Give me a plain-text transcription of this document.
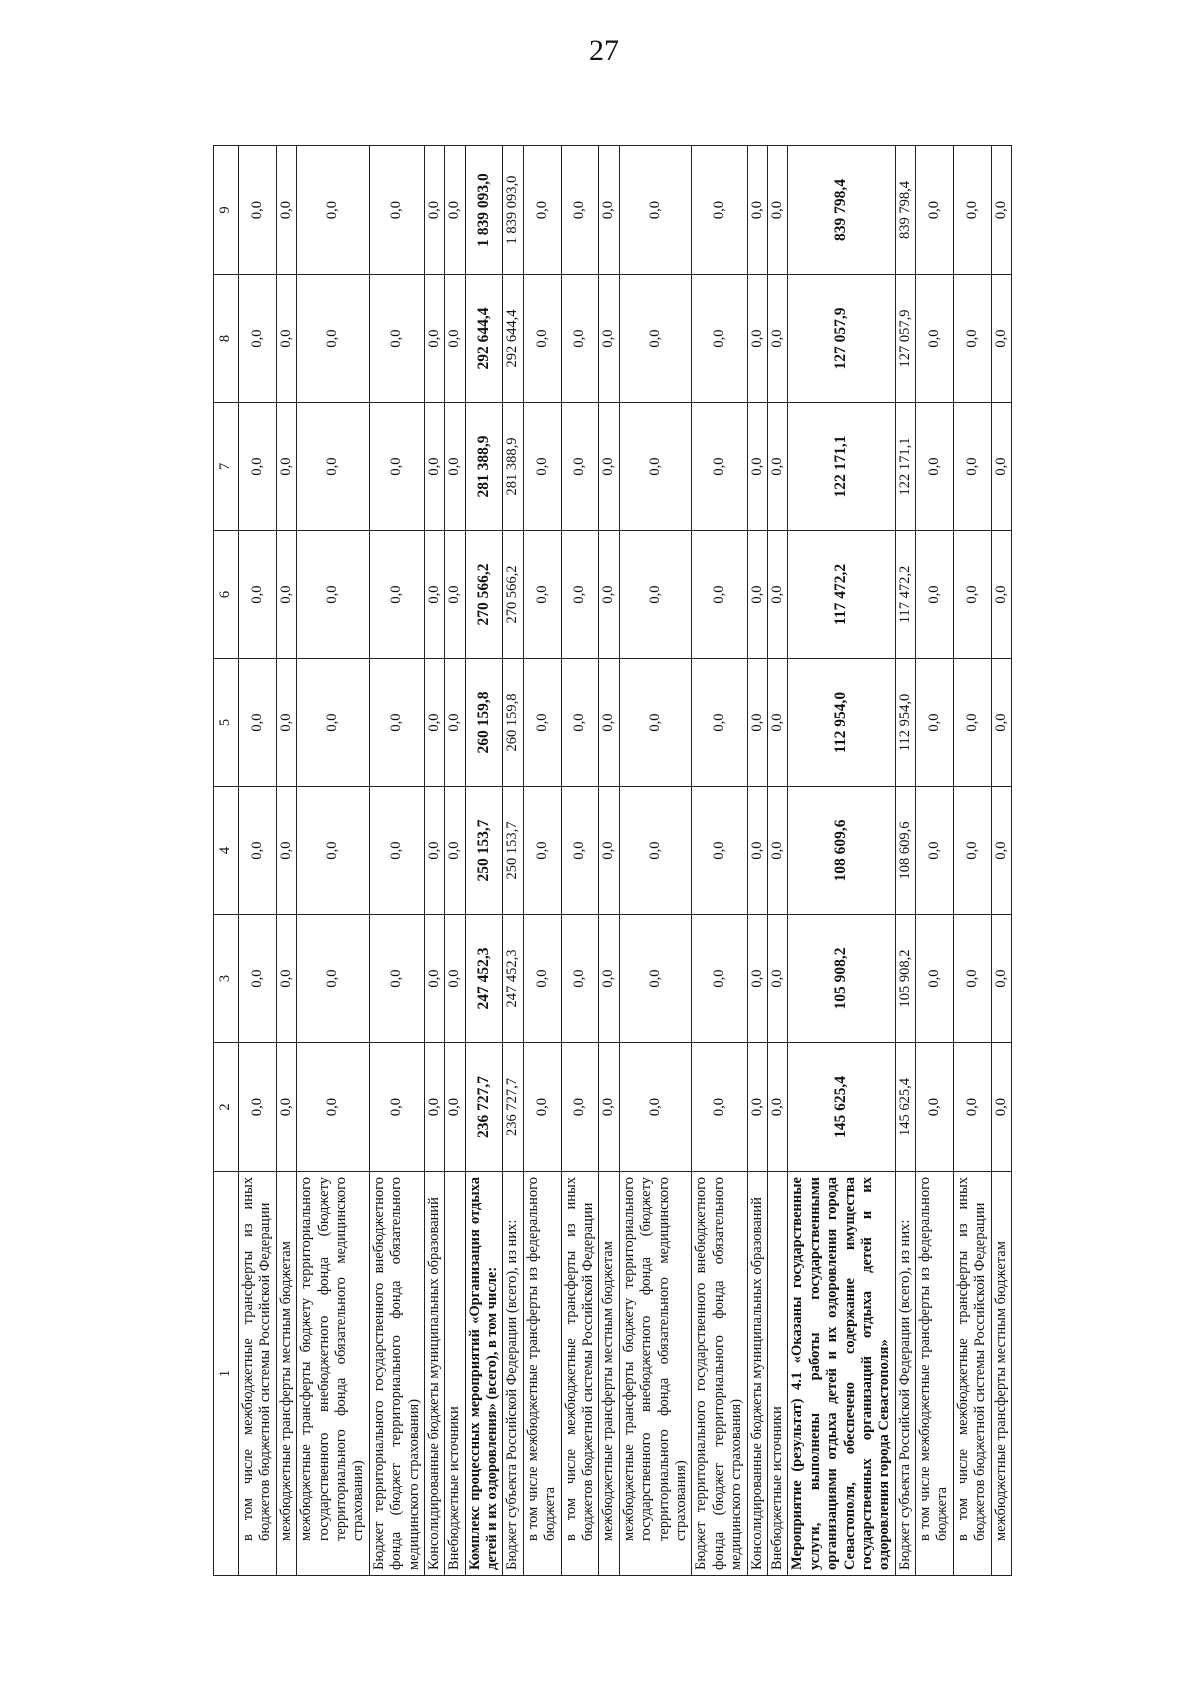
27
1	2	3	4	5	6	7	8	9
в том числе межбюджетные трансферты из иных бюджетов бюджетной системы Российской Федерации	0,0	0,0	0,0	0,0	0,0	0,0	0,0	0,0
межбюджетные трансферты местным бюджетам	0,0	0,0	0,0	0,0	0,0	0,0	0,0	0,0
межбюджетные трансферты бюджету территориального государственного внебюджетного фонда (бюджету территориального фонда обязательного медицинского страхования)	0,0	0,0	0,0	0,0	0,0	0,0	0,0	0,0
Бюджет территориального государственного внебюджетного фонда (бюджет территориального фонда обязательного медицинского страхования)	0,0	0,0	0,0	0,0	0,0	0,0	0,0	0,0
Консолидированные бюджеты муниципальных образований	0,0	0,0	0,0	0,0	0,0	0,0	0,0	0,0
Внебюджетные источники	0,0	0,0	0,0	0,0	0,0	0,0	0,0	0,0
Комплекс процессных мероприятий «Организация отдыха детей и их оздоровления» (всего), в том числе:	236 727,7	247 452,3	250 153,7	260 159,8	270 566,2	281 388,9	292 644,4	1 839 093,0
Бюджет субъекта Российской Федерации (всего), из них:	236 727,7	247 452,3	250 153,7	260 159,8	270 566,2	281 388,9	292 644,4	1 839 093,0
в том числе межбюджетные трансферты из федерального бюджета	0,0	0,0	0,0	0,0	0,0	0,0	0,0	0,0
в том числе межбюджетные трансферты из иных бюджетов бюджетной системы Российской Федерации	0,0	0,0	0,0	0,0	0,0	0,0	0,0	0,0
межбюджетные трансферты местным бюджетам	0,0	0,0	0,0	0,0	0,0	0,0	0,0	0,0
межбюджетные трансферты бюджету территориального государственного внебюджетного фонда (бюджету территориального фонда обязательного медицинского страхования)	0,0	0,0	0,0	0,0	0,0	0,0	0,0	0,0
Бюджет территориального государственного внебюджетного фонда (бюджет территориального фонда обязательного медицинского страхования)	0,0	0,0	0,0	0,0	0,0	0,0	0,0	0,0
Консолидированные бюджеты муниципальных образований	0,0	0,0	0,0	0,0	0,0	0,0	0,0	0,0
Внебюджетные источники	0,0	0,0	0,0	0,0	0,0	0,0	0,0	0,0
Мероприятие (результат) 4.1 «Оказаны государственные услуги, выполнены работы государственными организациями отдыха детей и их оздоровления города Севастополя, обеспечено содержание имущества государственных организаций отдыха детей и их оздоровления города Севастополя»	145 625,4	105 908,2	108 609,6	112 954,0	117 472,2	122 171,1	127 057,9	839 798,4
Бюджет субъекта Российской Федерации (всего), из них:	145 625,4	105 908,2	108 609,6	112 954,0	117 472,2	122 171,1	127 057,9	839 798,4
в том числе межбюджетные трансферты из федерального бюджета	0,0	0,0	0,0	0,0	0,0	0,0	0,0	0,0
в том числе межбюджетные трансферты из иных бюджетов бюджетной системы Российской Федерации	0,0	0,0	0,0	0,0	0,0	0,0	0,0	0,0
межбюджетные трансферты местным бюджетам	0,0	0,0	0,0	0,0	0,0	0,0	0,0	0,0
